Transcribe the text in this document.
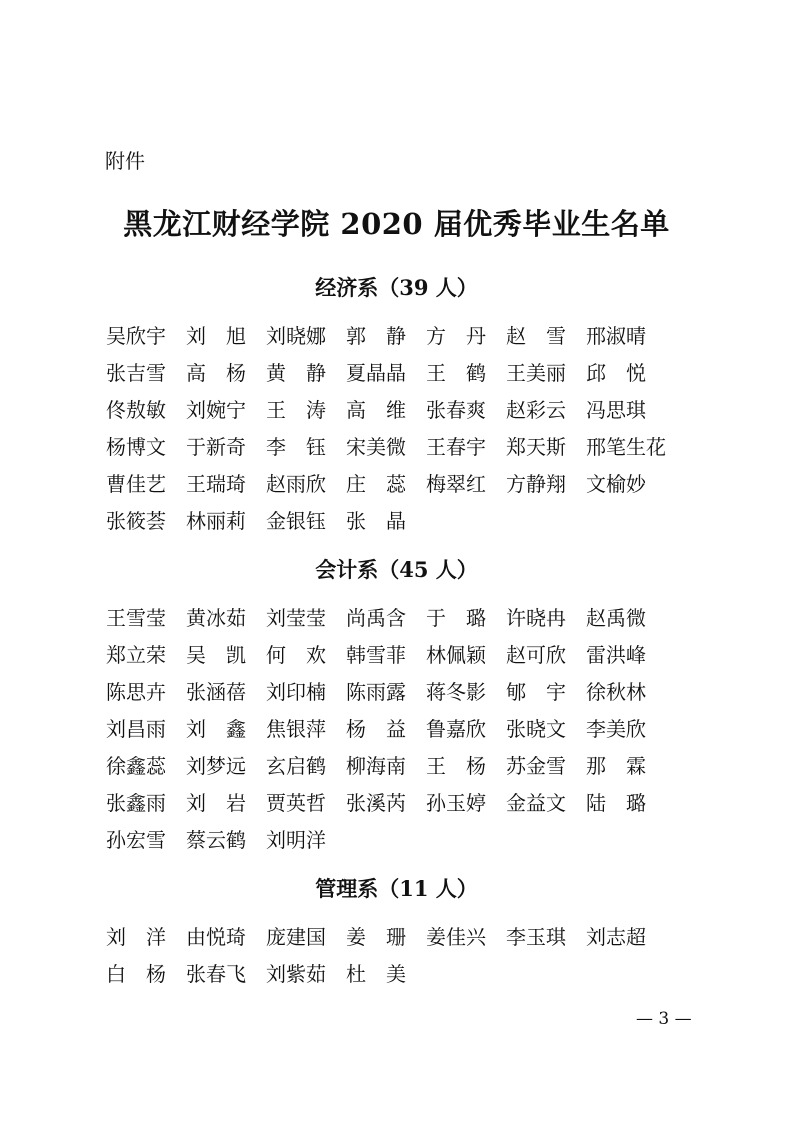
附件
黑龙江财经学院 2020 届优秀毕业生名单
经济系（39 人）
吴欣宇	刘　旭	刘晓娜	郭　静	方　丹	赵　雪	邢淑晴
张吉雪	高　杨	黄　静	夏晶晶	王　鹤	王美丽	邱　悦
佟敖敏	刘婉宁	王　涛	高　维	张春爽	赵彩云	冯思琪
杨博文	于新奇	李　钰	宋美微	王春宇	郑天斯	邢笔生花
曹佳艺	王瑞琦	赵雨欣	庄　蕊	梅翠红	方静翔	文榆妙
张筱荟	林丽莉	金银钰	张　晶
会计系（45 人）
王雪莹	黄冰茹	刘莹莹	尚禹含	于　璐	许晓冉	赵禹微
郑立荣	吴　凯	何　欢	韩雪菲	林佩颖	赵可欣	雷洪峰
陈思卉	张涵蓓	刘印楠	陈雨露	蒋冬影	郇　宇	徐秋林
刘昌雨	刘　鑫	焦银萍	杨　益	鲁嘉欣	张晓文	李美欣
徐鑫蕊	刘梦远	玄启鹤	柳海南	王　杨	苏金雪	那　霖
张鑫雨	刘　岩	贾英哲	张溪芮	孙玉婷	金益文	陆　璐
孙宏雪	蔡云鹤	刘明洋
管理系（11 人）
刘　洋	由悦琦	庞建国	姜　珊	姜佳兴	李玉琪	刘志超
白　杨	张春飞	刘紫茹	杜　美
— 3 —
